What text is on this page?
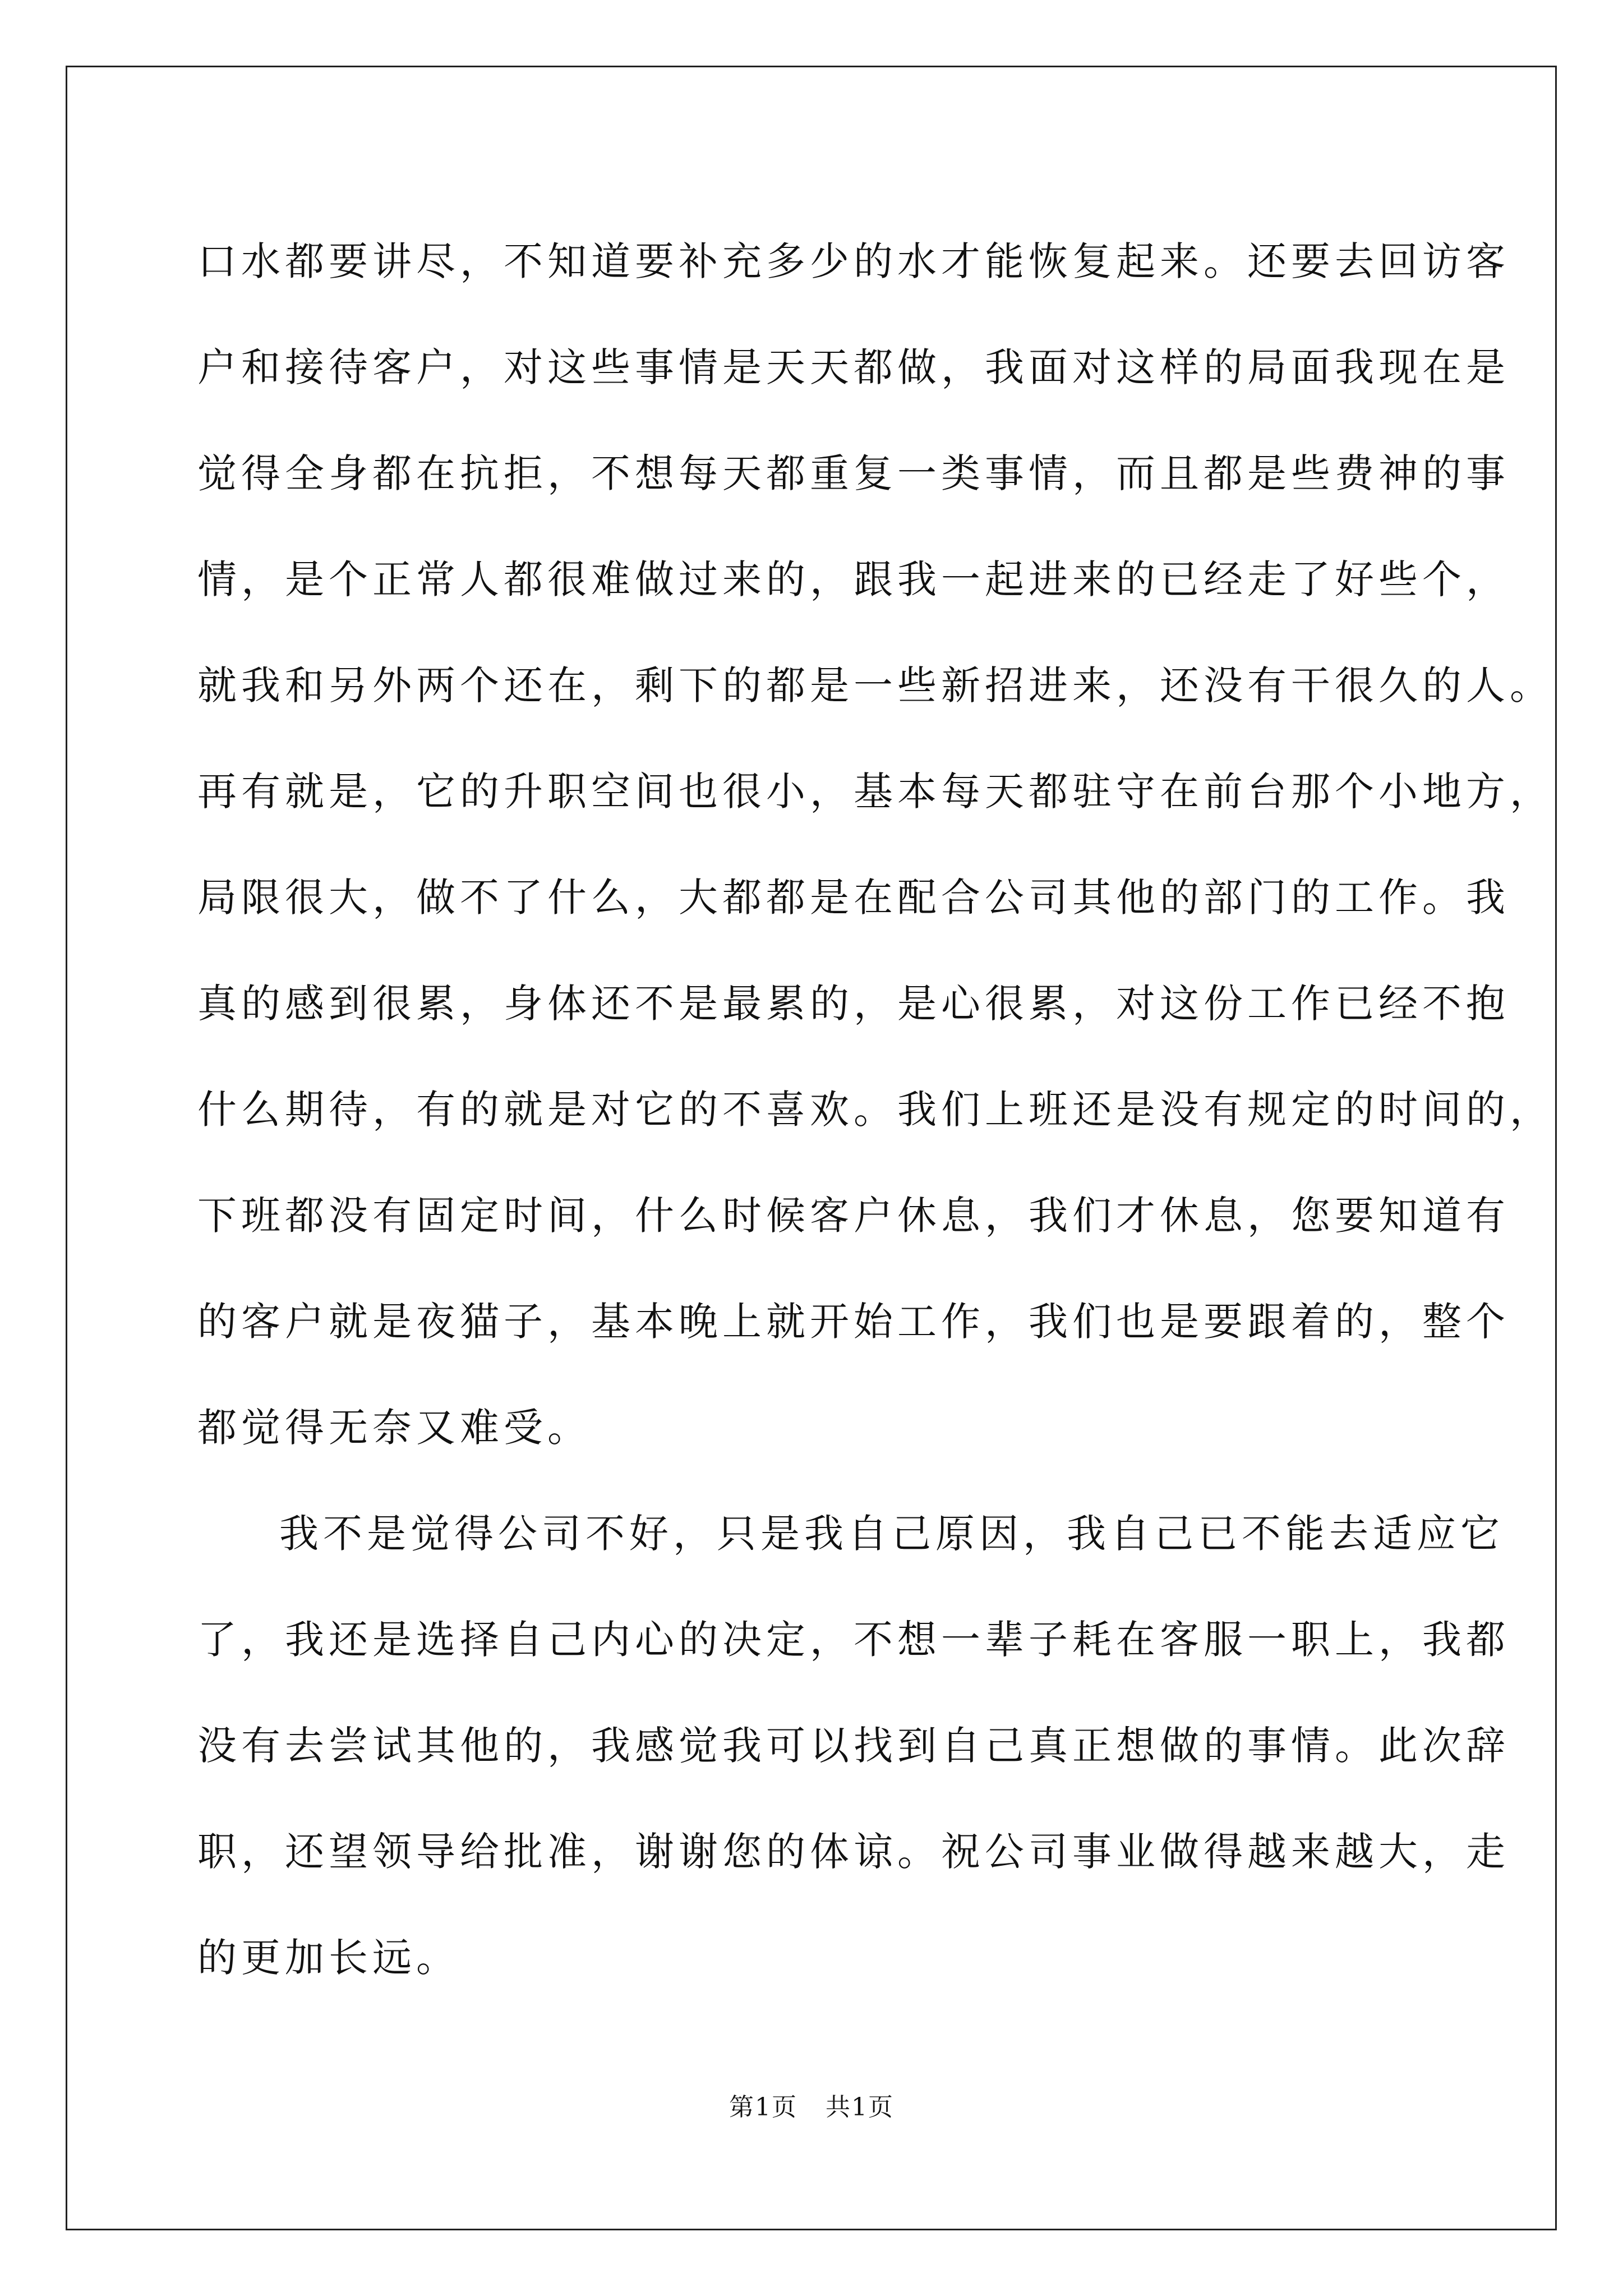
口水都要讲尽，不知道要补充多少的水才能恢复起来。还要去回访客
户和接待客户，对这些事情是天天都做，我面对这样的局面我现在是
觉得全身都在抗拒，不想每天都重复一类事情，而且都是些费神的事
情，是个正常人都很难做过来的，跟我一起进来的已经走了好些个，
就我和另外两个还在，剩下的都是一些新招进来，还没有干很久的人。
再有就是，它的升职空间也很小，基本每天都驻守在前台那个小地方，
局限很大，做不了什么，大都都是在配合公司其他的部门的工作。我
真的感到很累，身体还不是最累的，是心很累，对这份工作已经不抱
什么期待，有的就是对它的不喜欢。我们上班还是没有规定的时间的，
下班都没有固定时间，什么时候客户休息，我们才休息，您要知道有
的客户就是夜猫子，基本晚上就开始工作，我们也是要跟着的，整个
都觉得无奈又难受。
我不是觉得公司不好，只是我自己原因，我自己已不能去适应它
了，我还是选择自己内心的决定，不想一辈子耗在客服一职上，我都
没有去尝试其他的，我感觉我可以找到自己真正想做的事情。此次辞
职，还望领导给批准，谢谢您的体谅。祝公司事业做得越来越大，走
的更加长远。
第1页 共1页
